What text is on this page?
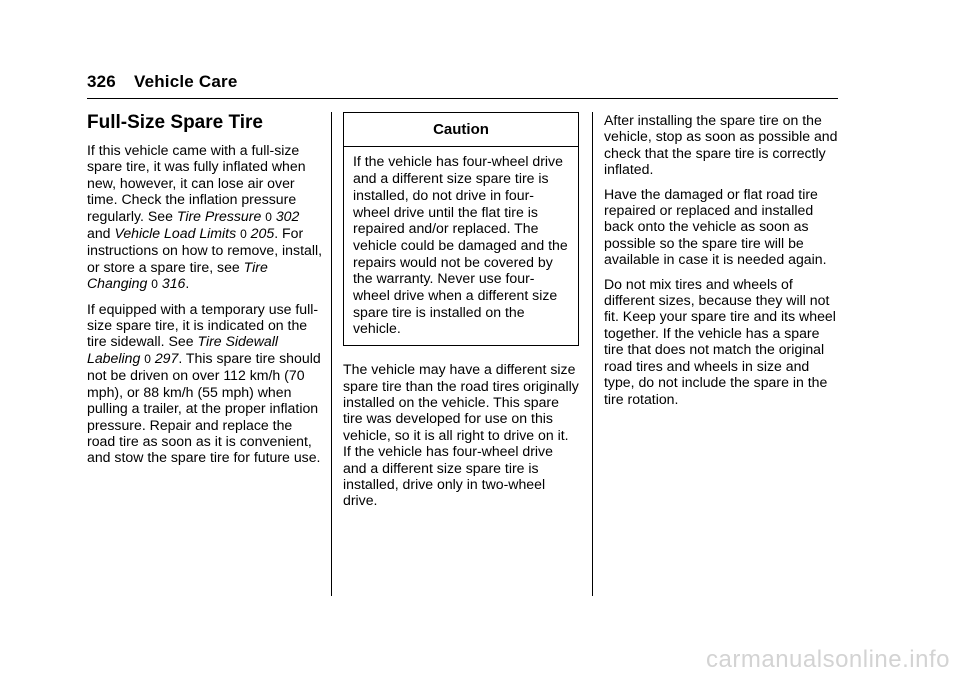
326 Vehicle Care
Full-Size Spare Tire

If this vehicle came with a full-size spare tire, it was fully inflated when new, however, it can lose air over time. Check the inflation pressure regularly. See Tire Pressure 0 302 and Vehicle Load Limits 0 205. For instructions on how to remove, install, or store a spare tire, see Tire Changing 0 316.

If equipped with a temporary use full-size spare tire, it is indicated on the tire sidewall. See Tire Sidewall Labeling 0 297. This spare tire should not be driven on over 112 km/h (70 mph), or 88 km/h (55 mph) when pulling a trailer, at the proper inflation pressure. Repair and replace the road tire as soon as it is convenient, and stow the spare tire for future use.

Caution
If the vehicle has four-wheel drive and a different size spare tire is installed, do not drive in four-wheel drive until the flat tire is repaired and/or replaced. The vehicle could be damaged and the repairs would not be covered by the warranty. Never use four-wheel drive when a different size spare tire is installed on the vehicle.

The vehicle may have a different size spare tire than the road tires originally installed on the vehicle. This spare tire was developed for use on this vehicle, so it is all right to drive on it. If the vehicle has four-wheel drive and a different size spare tire is installed, drive only in two-wheel drive.

After installing the spare tire on the vehicle, stop as soon as possible and check that the spare tire is correctly inflated.

Have the damaged or flat road tire repaired or replaced and installed back onto the vehicle as soon as possible so the spare tire will be available in case it is needed again.

Do not mix tires and wheels of different sizes, because they will not fit. Keep your spare tire and its wheel together. If the vehicle has a spare tire that does not match the original road tires and wheels in size and type, do not include the spare in the tire rotation.

carmanualsonline.info
